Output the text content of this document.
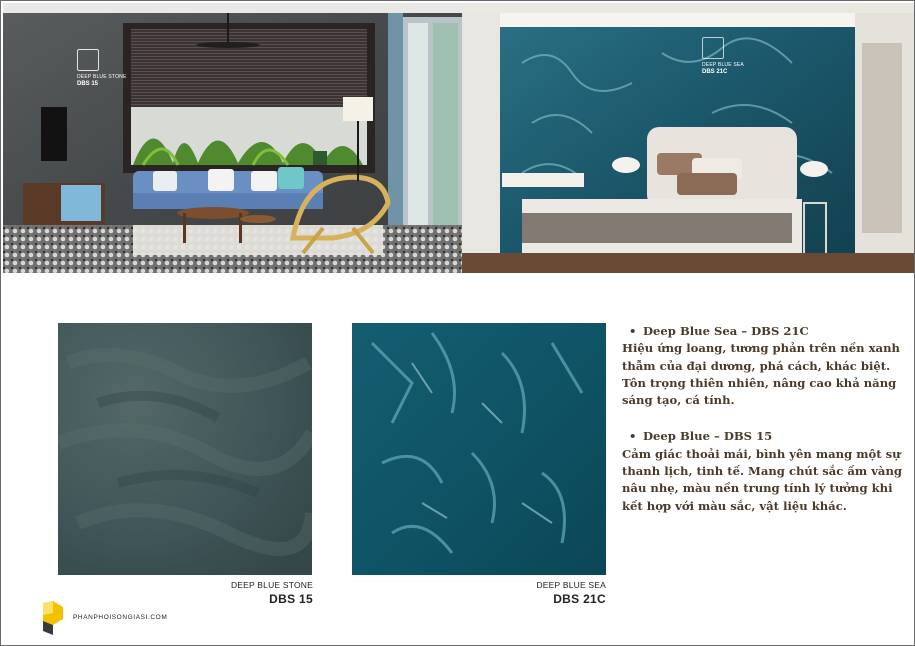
DEEP BLUE STONE
DBS 15
DEEP BLUE SEA
DBS 21C
DEEP BLUE STONE
DBS 15
DEEP BLUE SEA
DBS 21C
• Deep Blue Sea – DBS 21C
Hiệu ứng loang, tương phản trên nền xanh thẫm của đại dương, phá cách, khác biệt. Tôn trọng thiên nhiên, nâng cao khả năng sáng tạo, cá tính.
• Deep Blue – DBS 15
Cảm giác thoải mái, bình yên mang một sự thanh lịch, tinh tế. Mang chút sắc ấm vàng nâu nhẹ, màu nền trung tính lý tưởng khi kết hợp với màu sắc, vật liệu khác.
PHANPHOISONGIASI.COM
